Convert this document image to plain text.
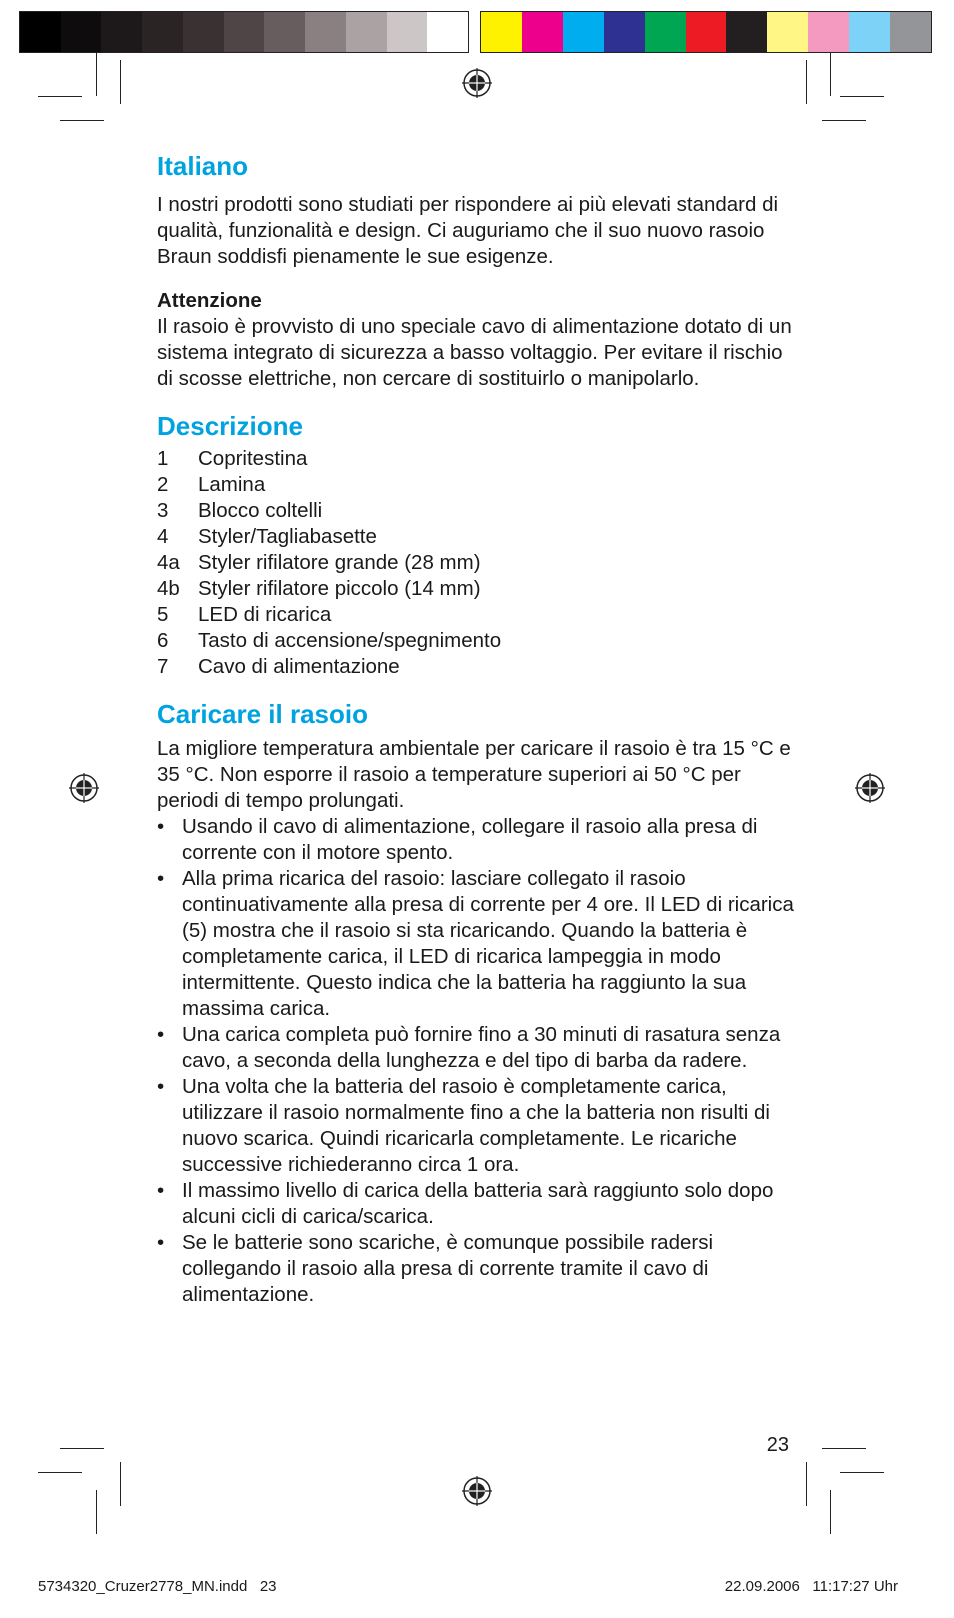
Italiano

I nostri prodotti sono studiati per rispondere ai più elevati standard di qualità, funzionalità e design. Ci auguriamo che il suo nuovo rasoio Braun soddisfi pienamente le sue esigenze.

Attenzione

Il rasoio è provvisto di uno speciale cavo di alimentazione dotato di un sistema integrato di sicurezza a basso voltaggio. Per evitare il rischio di scosse elettriche, non cercare di sostituirlo o manipolarlo.

Descrizione
1	Copritestina
2	Lamina
3	Blocco coltelli
4	Styler/Tagliabasette
4a Styler rifilatore grande (28 mm)
4b Styler rifilatore piccolo (14 mm)
5	LED di ricarica
6	Tasto di accensione/spegnimento
7	Cavo di alimentazione
Caricare il rasoio

La migliore temperatura ambientale per caricare il rasoio è tra 15 °C e 35 °C. Non esporre il rasoio a temperature superiori ai 50 °C per periodi di tempo prolungati.

• Usando il cavo di alimentazione, collegare il rasoio alla presa di corrente con il motore spento.
• Alla prima ricarica del rasoio: lasciare collegato il rasoio continuativamente alla presa di corrente per 4 ore. Il LED di ricarica (5) mostra che il rasoio si sta ricaricando. Quando la batteria è completamente carica, il LED di ricarica lampeggia in modo intermittente. Questo indica che la batteria ha raggiunto la sua massima carica.
• Una carica completa può fornire fino a 30 minuti di rasatura senza cavo, a seconda della lunghezza e del tipo di barba da radere.
• Una volta che la batteria del rasoio è completamente carica, utilizzare il rasoio normalmente fino a che la batteria non risulti di nuovo scarica. Quindi ricaricarla completamente. Le ricariche successive richiederanno circa 1 ora.
• Il massimo livello di carica della batteria sarà raggiunto solo dopo alcuni cicli di carica/scarica.
• Se le batterie sono scariche, è comunque possibile radersi collegando il rasoio alla presa di corrente tramite il cavo di alimentazione.
23
5734320_Cruzer2778_MN.indd   23	22.09.2006   11:17:27 Uhr
